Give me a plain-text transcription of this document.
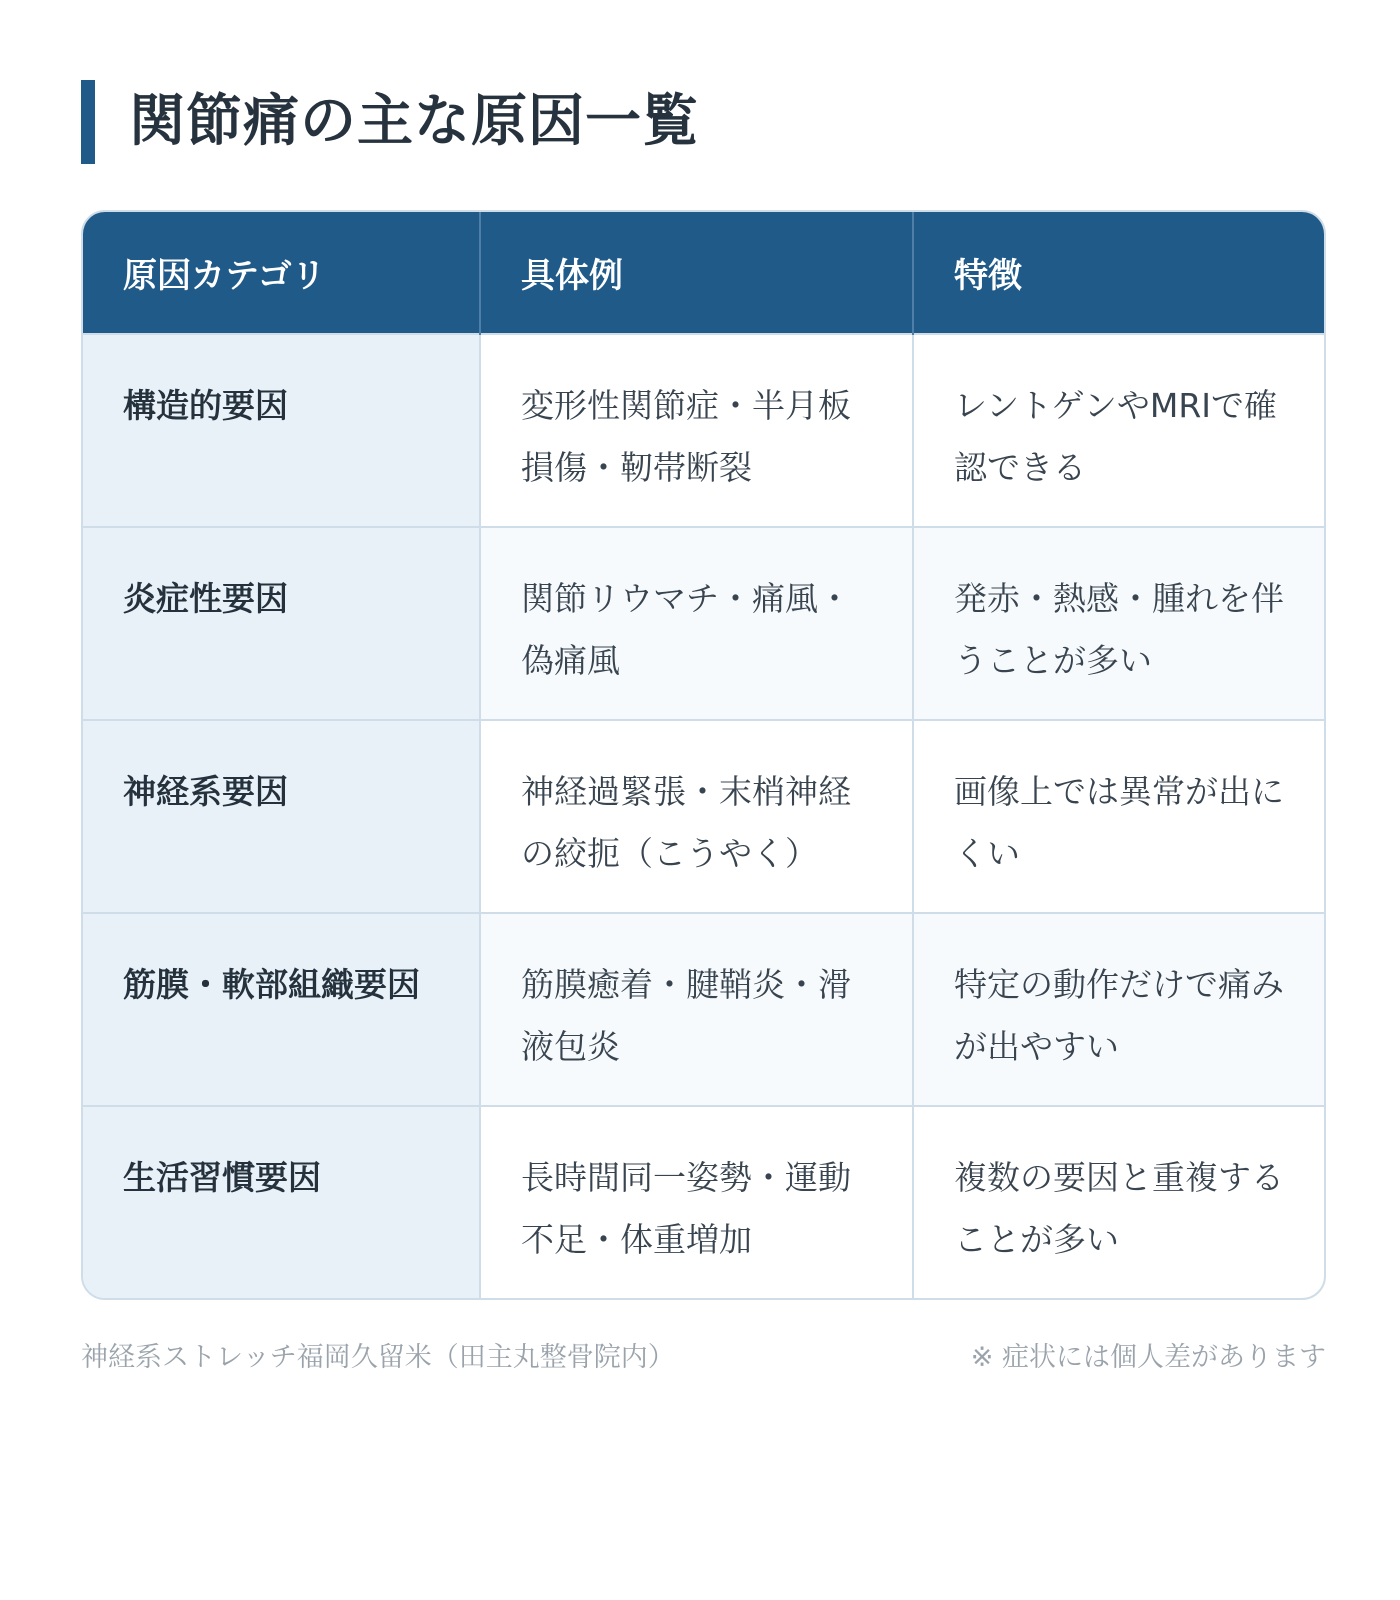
関節痛の主な原因一覧
原因カテゴリ	具体例	特徴
構造的要因	変形性関節症・半月板損傷・靭帯断裂	レントゲンやMRIで確認できる
炎症性要因	関節リウマチ・痛風・偽痛風	発赤・熱感・腫れを伴うことが多い
神経系要因	神経過緊張・末梢神経の絞扼（こうやく）	画像上では異常が出にくい
筋膜・軟部組織要因	筋膜癒着・腱鞘炎・滑液包炎	特定の動作だけで痛みが出やすい
生活習慣要因	長時間同一姿勢・運動不足・体重増加	複数の要因と重複することが多い
神経系ストレッチ福岡久留米（田主丸整骨院内）	※ 症状には個人差があります
